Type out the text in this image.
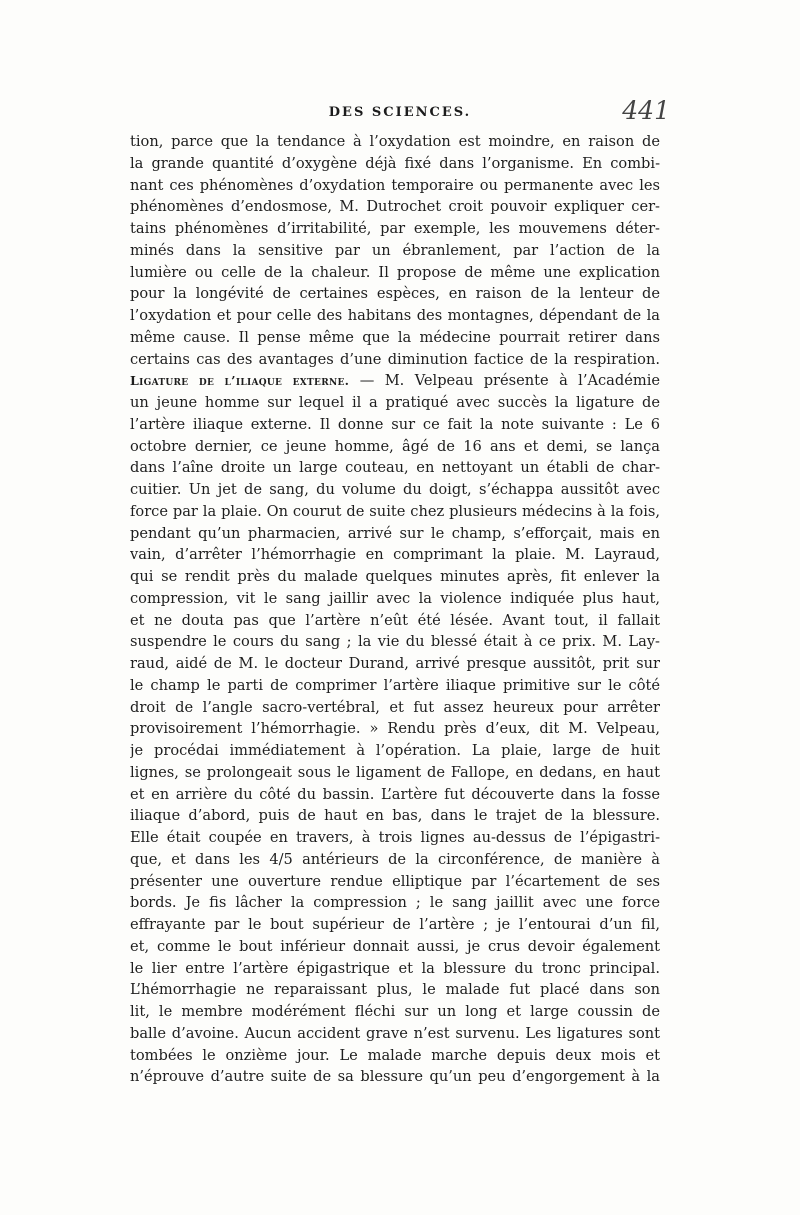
DES SCIENCES.	441
tion, parce que la tendance à l’oxydation est moindre, en raison de
la grande quantité d’oxygène déjà fixé dans l’organisme. En combi-
nant ces phénomènes d’oxydation temporaire ou permanente avec les
phénomènes d’endosmose, M. Dutrochet croit pouvoir expliquer cer-
tains phénomènes d’irritabilité, par exemple, les mouvemens déter-
minés dans la sensitive par un ébranlement, par l’action de la
lumière ou celle de la chaleur. Il propose de même une explication
pour la longévité de certaines espèces, en raison de la lenteur de
l’oxydation et pour celle des habitans des montagnes, dépendant de la
même cause. Il pense même que la médecine pourrait retirer dans
certains cas des avantages d’une diminution factice de la respiration.
Ligature de l’iliaque externe. — M. Velpeau présente à l’Académie
un jeune homme sur lequel il a pratiqué avec succès la ligature de
l’artère iliaque externe. Il donne sur ce fait la note suivante : Le 6
octobre dernier, ce jeune homme, âgé de 16 ans et demi, se lança
dans l’aîne droite un large couteau, en nettoyant un établi de char-
cuitier. Un jet de sang, du volume du doigt, s’échappa aussitôt avec
force par la plaie. On courut de suite chez plusieurs médecins à la fois,
pendant qu’un pharmacien, arrivé sur le champ, s’efforçait, mais en
vain, d’arrêter l’hémorrhagie en comprimant la plaie. M. Layraud,
qui se rendit près du malade quelques minutes après, fit enlever la
compression, vit le sang jaillir avec la violence indiquée plus haut,
et ne douta pas que l’artère n’eût été lésée. Avant tout, il fallait
suspendre le cours du sang ; la vie du blessé était à ce prix. M. Lay-
raud, aidé de M. le docteur Durand, arrivé presque aussitôt, prit sur
le champ le parti de comprimer l’artère iliaque primitive sur le côté
droit de l’angle sacro-vertébral, et fut assez heureux pour arrêter
provisoirement l’hémorrhagie. » Rendu près d’eux, dit M. Velpeau,
je procédai immédiatement à l’opération. La plaie, large de huit
lignes, se prolongeait sous le ligament de Fallope, en dedans, en haut
et en arrière du côté du bassin. L’artère fut découverte dans la fosse
iliaque d’abord, puis de haut en bas, dans le trajet de la blessure.
Elle était coupée en travers, à trois lignes au-dessus de l’épigastri-
que, et dans les 4/5 antérieurs de la circonférence, de manière à
présenter une ouverture rendue elliptique par l’écartement de ses
bords. Je fis lâcher la compression ; le sang jaillit avec une force
effrayante par le bout supérieur de l’artère ; je l’entourai d’un fil,
et, comme le bout inférieur donnait aussi, je crus devoir également
le lier entre l’artère épigastrique et la blessure du tronc principal.
L’hémorrhagie ne reparaissant plus, le malade fut placé dans son
lit, le membre modérément fléchi sur un long et large coussin de
balle d’avoine. Aucun accident grave n’est survenu. Les ligatures sont
tombées le onzième jour. Le malade marche depuis deux mois et
n’éprouve d’autre suite de sa blessure qu’un peu d’engorgement à la
